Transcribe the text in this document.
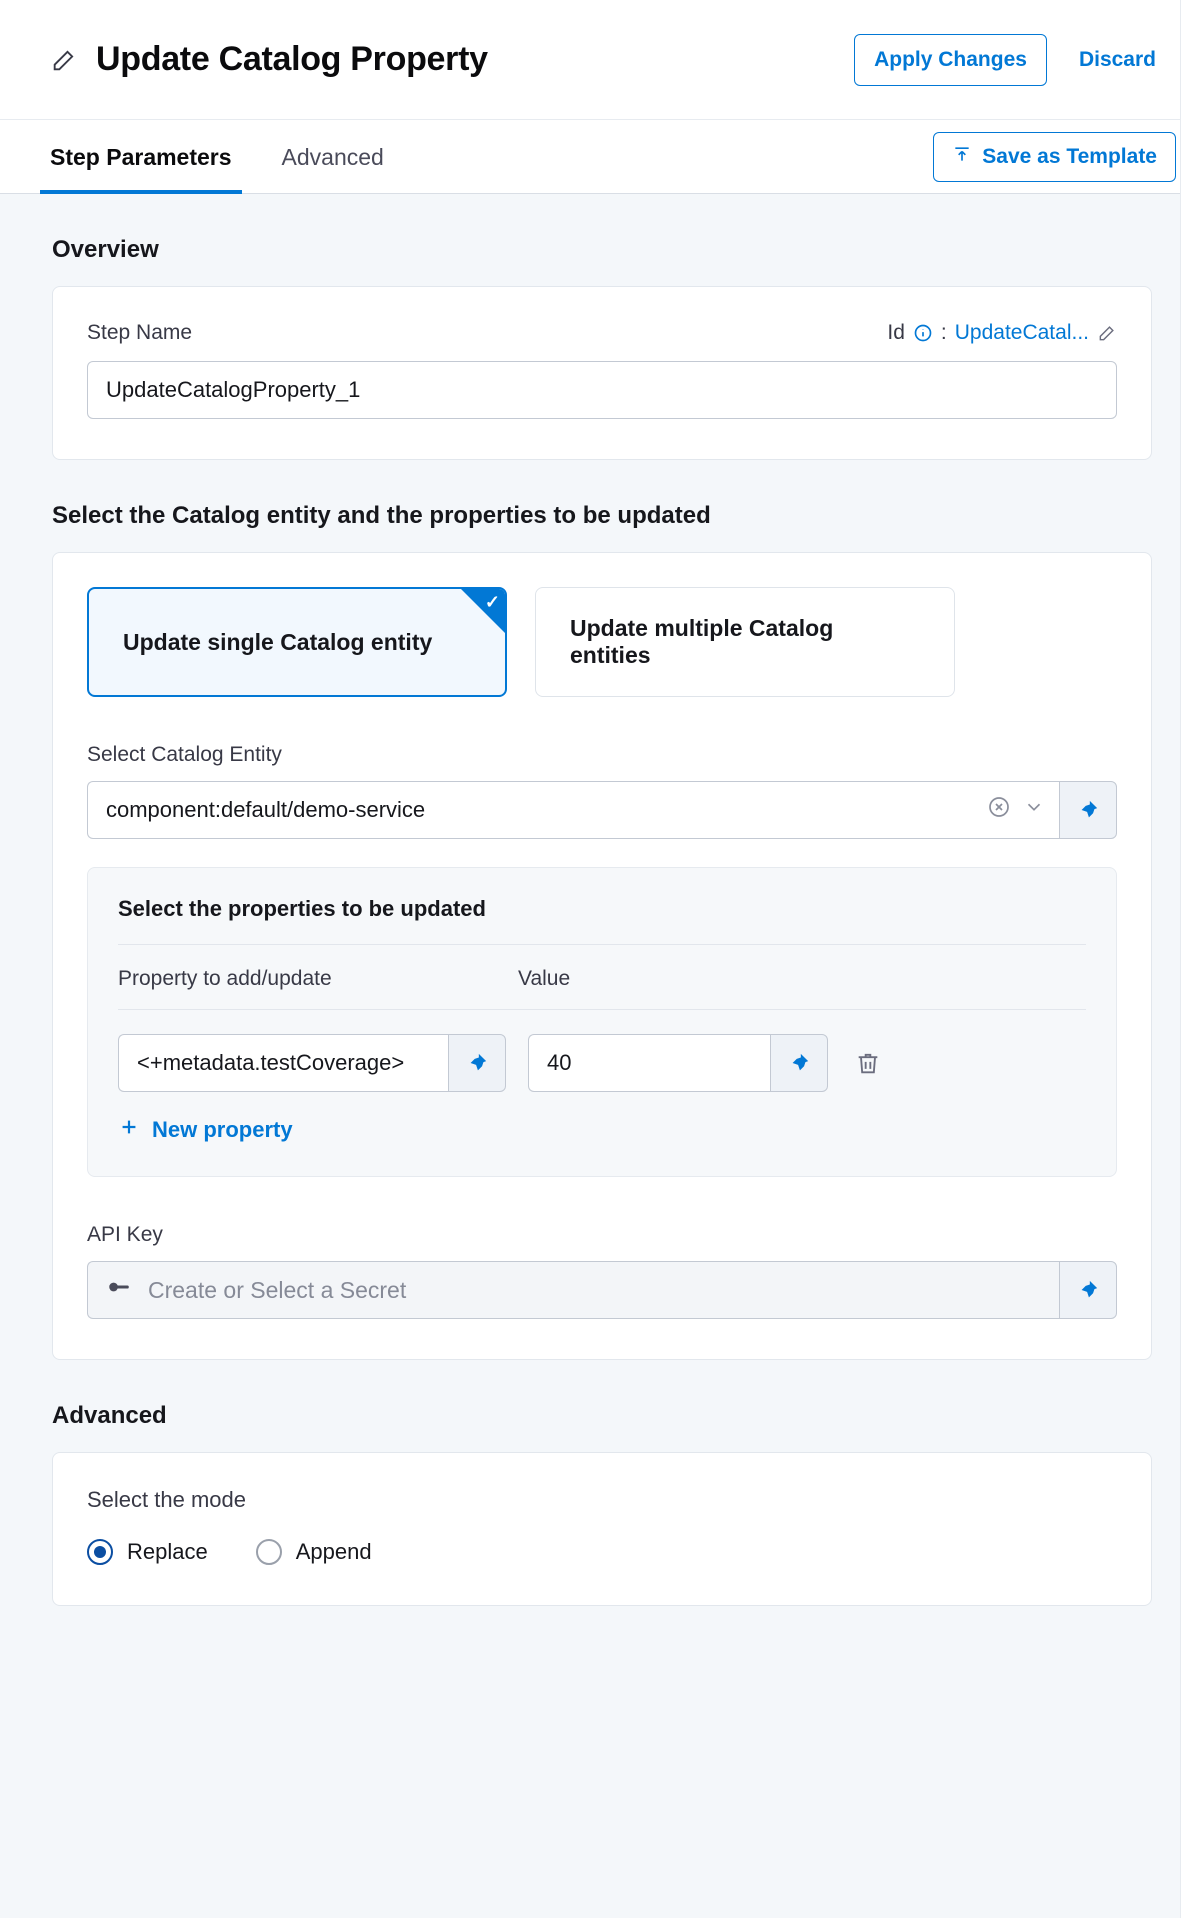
Update Catalog Property	Apply Changes	Discard
Step Parameters	Advanced	Save as Template
Overview
Step Name	Id : UpdateCatal...
UpdateCatalogProperty_1
Select the Catalog entity and the properties to be updated
Update single Catalog entity
✓
Update multiple Catalog entities
Select Catalog Entity
component:default/demo-service
Select the properties to be updated
Property to add/update	Value
<+metadata.testCoverage>	40
New property
API Key
Create or Select a Secret
Advanced
Select the mode
Replace	Append
